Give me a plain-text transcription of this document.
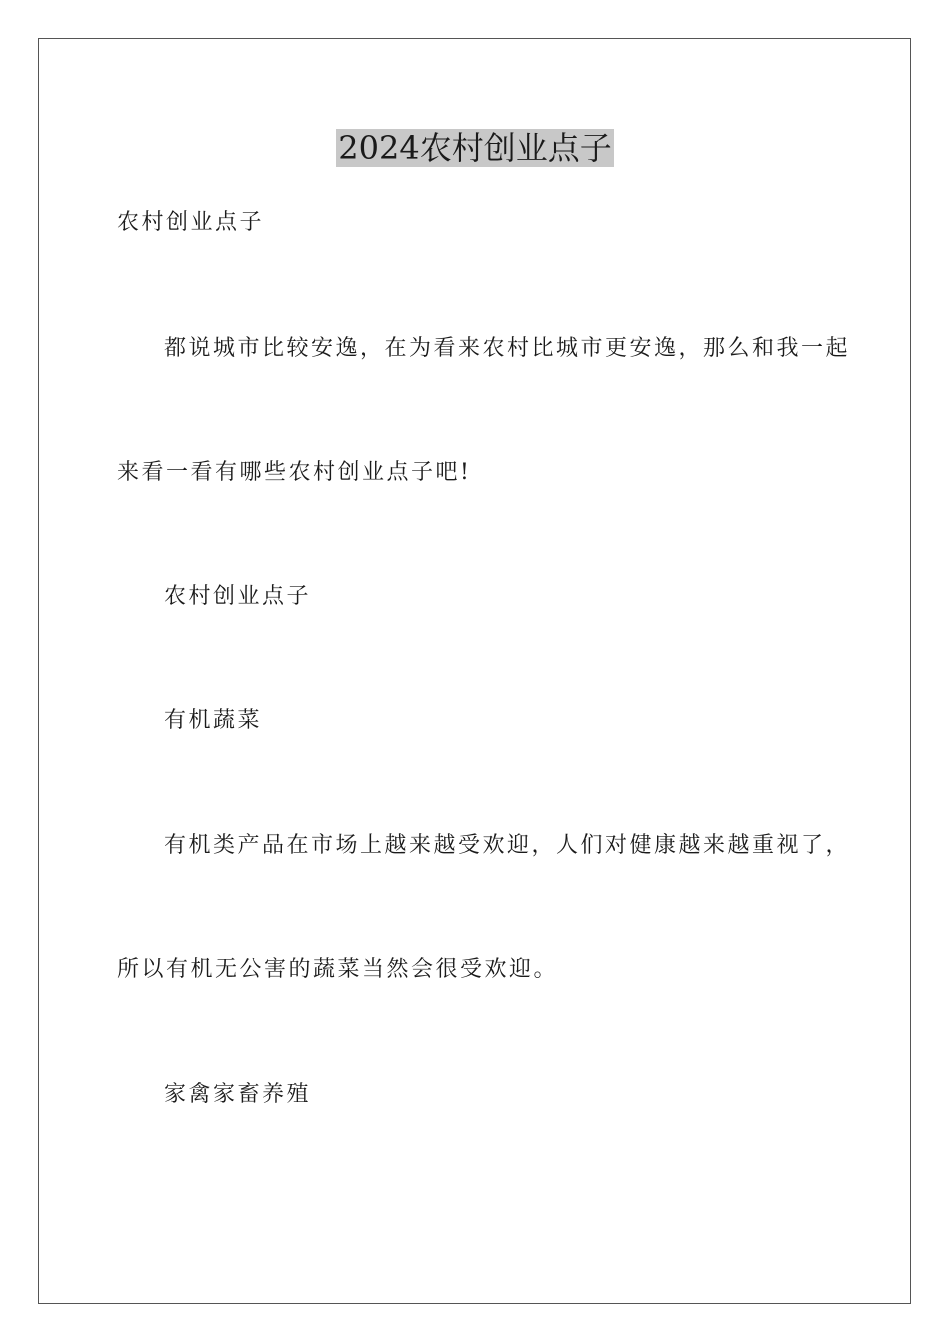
2024农村创业点子

农村创业点子

都说城市比较安逸，在为看来农村比城市更安逸，那么和我一起

来看一看有哪些农村创业点子吧!

农村创业点子

有机蔬菜

有机类产品在市场上越来越受欢迎，人们对健康越来越重视了，

所以有机无公害的蔬菜当然会很受欢迎。

家禽家畜养殖
